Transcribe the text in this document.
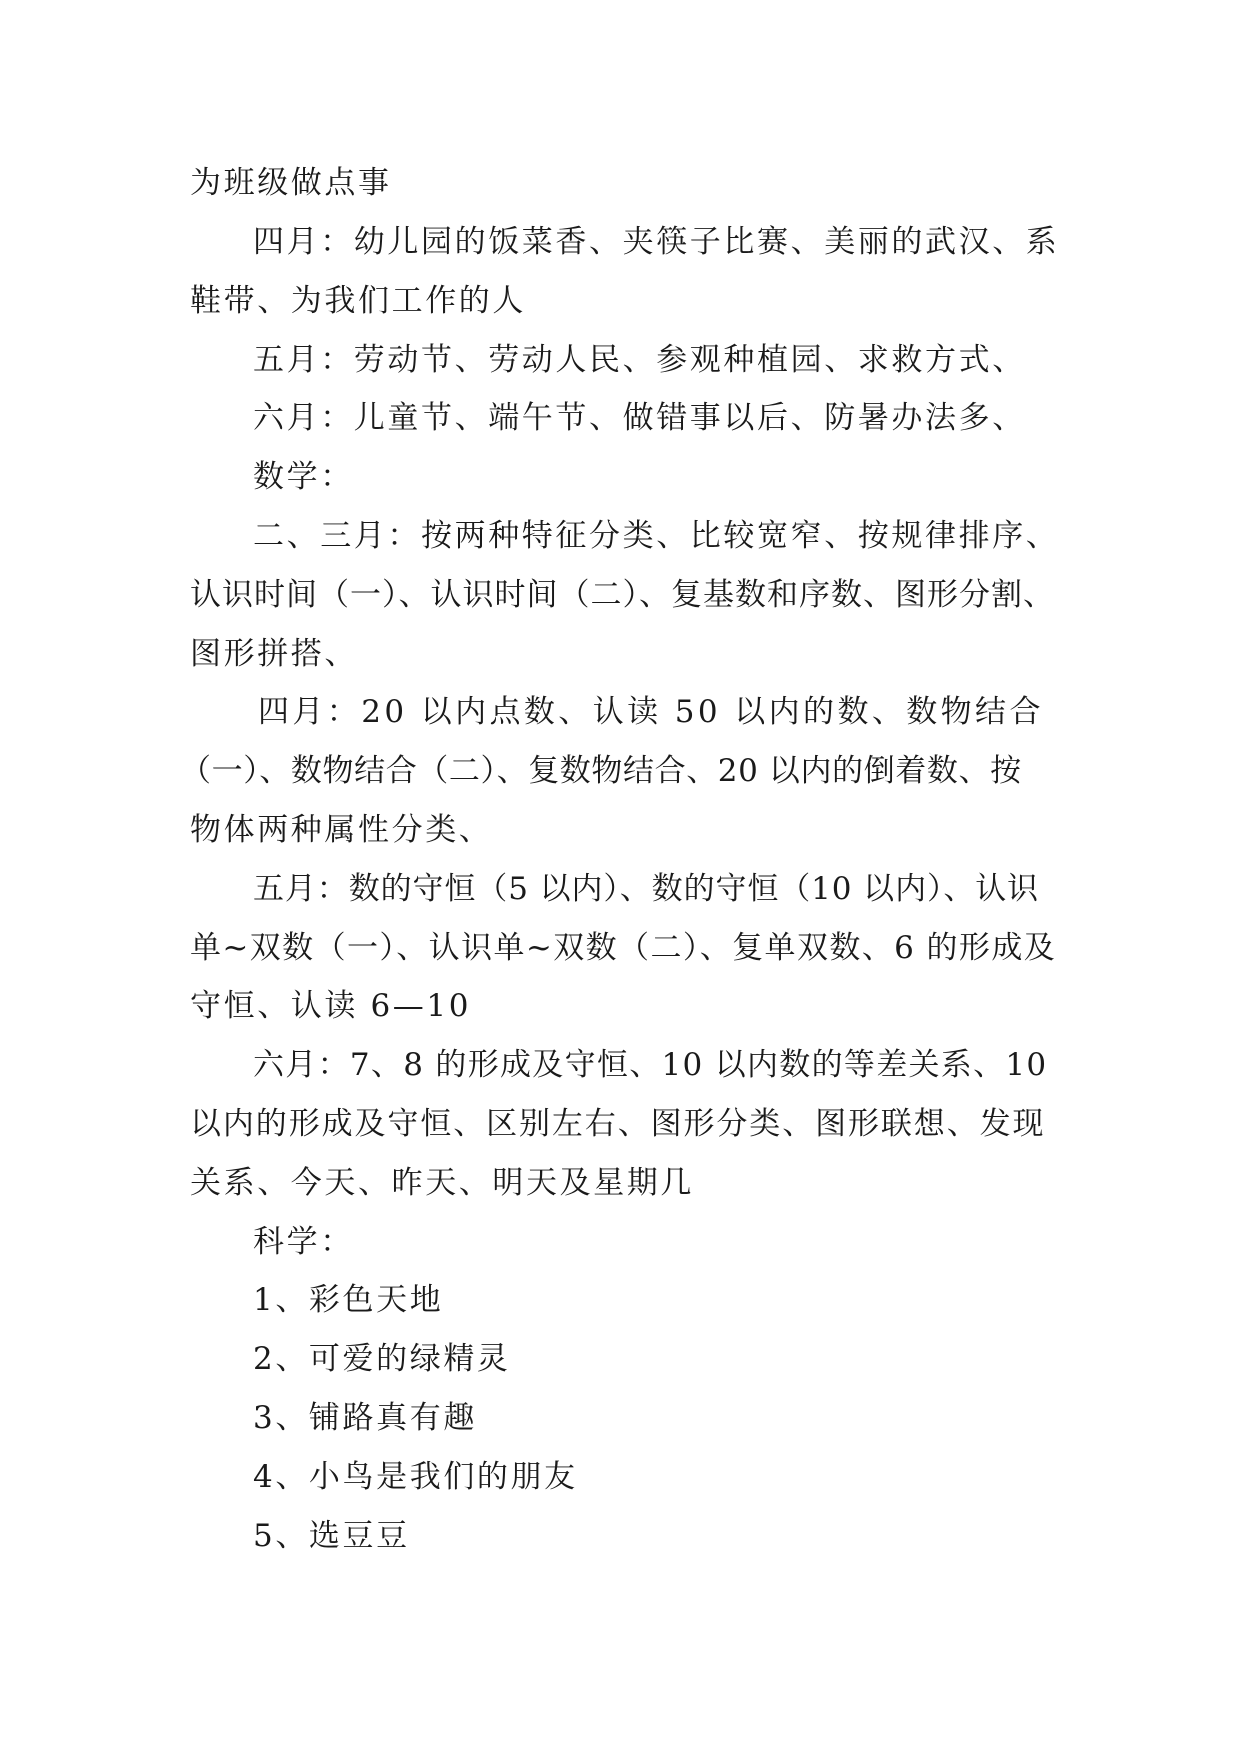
为班级做点事
四月：幼儿园的饭菜香、夹筷子比赛、美丽的武汉、系
鞋带、为我们工作的人
五月：劳动节、劳动人民、参观种植园、求救方式、
六月：儿童节、端午节、做错事以后、防暑办法多、
数学：
二、三月：按两种特征分类、比较宽窄、按规律排序、
认识时间（一）、认识时间（二）、复基数和序数、图形分割、
图形拼搭、
四月：20 以内点数、认读 50 以内的数、数物结合
（一）、数物结合（二）、复数物结合、20 以内的倒着数、按
物体两种属性分类、
五月：数的守恒（5 以内）、数的守恒（10 以内）、认识
单~双数（一）、认识单~双数（二）、复单双数、6 的形成及
守恒、认读 6—10
六月：7、8 的形成及守恒、10 以内数的等差关系、10
以内的形成及守恒、区别左右、图形分类、图形联想、发现
关系、今天、昨天、明天及星期几
科学：
1、彩色天地
2、可爱的绿精灵
3、铺路真有趣
4、小鸟是我们的朋友
5、选豆豆
